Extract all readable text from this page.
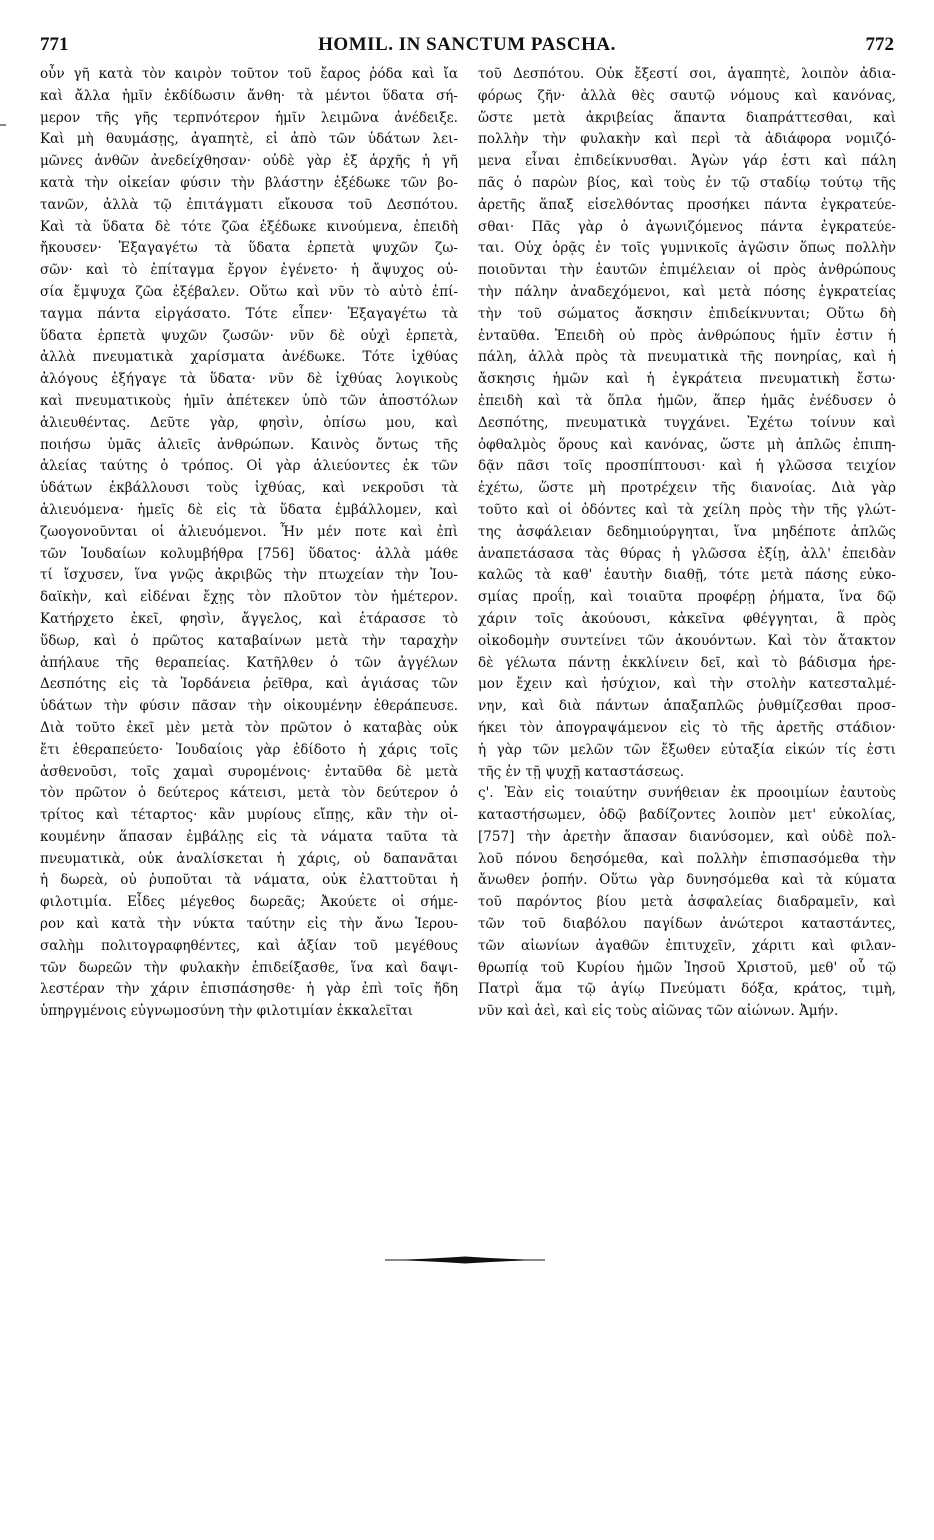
771	HOMIL. IN SANCTUM PASCHA.	772
οὖν γῆ κατὰ τὸν καιρὸν τοῦτον τοῦ ἔαρος ῥόδα καὶ ἴα
καὶ ἄλλα ἡμῖν ἐκδίδωσιν ἄνθη· τὰ μέντοι ὕδατα σή-
μερον τῆς γῆς τερπνότερον ἡμῖν λειμῶνα ἀνέδειξε.
Καὶ μὴ θαυμάσῃς, ἀγαπητὲ, εἰ ἀπὸ τῶν ὑδάτων λει-
μῶνες ἀνθῶν ἀνεδείχθησαν· οὐδὲ γὰρ ἐξ ἀρχῆς ἡ γῆ
κατὰ τὴν οἰκείαν φύσιν τὴν βλάστην ἐξέδωκε τῶν βο-
τανῶν, ἀλλὰ τῷ ἐπιτάγματι εἴκουσα τοῦ Δεσπότου.
Καὶ τὰ ὕδατα δὲ τότε ζῶα ἐξέδωκε κινούμενα, ἐπειδὴ
ἤκουσεν· Ἐξαγαγέτω τὰ ὕδατα ἑρπετὰ ψυχῶν ζω-
σῶν· καὶ τὸ ἐπίταγμα ἔργον ἐγένετο· ἡ ἄψυχος οὐ-
σία ἔμψυχα ζῶα ἐξέβαλεν. Οὕτω καὶ νῦν τὸ αὐτὸ ἐπί-
ταγμα πάντα εἰργάσατο. Τότε εἶπεν· Ἐξαγαγέτω τὰ
ὕδατα ἑρπετὰ ψυχῶν ζωσῶν· νῦν δὲ οὐχὶ ἑρπετὰ,
ἀλλὰ πνευματικὰ χαρίσματα ἀνέδωκε. Τότε ἰχθύας
ἀλόγους ἐξήγαγε τὰ ὕδατα· νῦν δὲ ἰχθύας λογικοὺς
καὶ πνευματικοὺς ἡμῖν ἀπέτεκεν ὑπὸ τῶν ἀποστόλων
ἁλιευθέντας. Δεῦτε γὰρ, φησὶν, ὀπίσω μου, καὶ
ποιήσω ὑμᾶς ἁλιεῖς ἀνθρώπων. Καινὸς ὄντως τῆς
ἁλείας ταύτης ὁ τρόπος. Οἱ γὰρ ἁλιεύοντες ἐκ τῶν
ὑδάτων ἐκβάλλουσι τοὺς ἰχθύας, καὶ νεκροῦσι τὰ
ἁλιευόμενα· ἡμεῖς δὲ εἰς τὰ ὕδατα ἐμβάλλομεν, καὶ
ζωογονοῦνται οἱ ἁλιευόμενοι. Ἦν μέν ποτε καὶ ἐπὶ
τῶν Ἰουδαίων κολυμβήθρα [756] ὕδατος· ἀλλὰ μάθε
τί ἴσχυσεν, ἵνα γνῷς ἀκριβῶς τὴν πτωχείαν τὴν Ἰου-
δαϊκὴν, καὶ εἰδέναι ἔχῃς τὸν πλοῦτον τὸν ἡμέτερον.
Κατήρχετο ἐκεῖ, φησὶν, ἄγγελος, καὶ ἐτάρασσε τὸ
ὕδωρ, καὶ ὁ πρῶτος καταβαίνων μετὰ τὴν ταραχὴν
ἀπήλαυε τῆς θεραπείας. Κατῆλθεν ὁ τῶν ἀγγέλων
Δεσπότης εἰς τὰ Ἰορδάνεια ῥεῖθρα, καὶ ἁγιάσας τῶν
ὑδάτων τὴν φύσιν πᾶσαν τὴν οἰκουμένην ἐθεράπευσε.
Διὰ τοῦτο ἐκεῖ μὲν μετὰ τὸν πρῶτον ὁ καταβὰς οὐκ
ἔτι ἐθεραπεύετο· Ἰουδαίοις γὰρ ἐδίδοτο ἡ χάρις τοῖς
ἀσθενοῦσι, τοῖς χαμαὶ συρομένοις· ἐνταῦθα δὲ μετὰ
τὸν πρῶτον ὁ δεύτερος κάτεισι, μετὰ τὸν δεύτερον ὁ
τρίτος καὶ τέταρτος· κἂν μυρίους εἴπῃς, κἂν τὴν οἰ-
κουμένην ἅπασαν ἐμβάλῃς εἰς τὰ νάματα ταῦτα τὰ
πνευματικὰ, οὐκ ἀναλίσκεται ἡ χάρις, οὐ δαπανᾶται
ἡ δωρεὰ, οὐ ῥυποῦται τὰ νάματα, οὐκ ἐλαττοῦται ἡ
φιλοτιμία. Εἶδες μέγεθος δωρεᾶς; Ἀκούετε οἱ σήμε-
ρον καὶ κατὰ τὴν νύκτα ταύτην εἰς τὴν ἄνω Ἱερου-
σαλὴμ πολιτογραφηθέντες, καὶ ἀξίαν τοῦ μεγέθους
τῶν δωρεῶν τὴν φυλακὴν ἐπιδείξασθε, ἵνα καὶ δαψι-
λεστέραν τὴν χάριν ἐπισπάσησθε· ἡ γὰρ ἐπὶ τοῖς ἤδη
ὑπηργμένοις εὐγνωμοσύνη τὴν φιλοτιμίαν ἐκκαλεῖται
τοῦ Δεσπότου. Οὐκ ἔξεστί σοι, ἀγαπητὲ, λοιπὸν ἀδια-
φόρως ζῆν· ἀλλὰ θὲς σαυτῷ νόμους καὶ κανόνας,
ὥστε μετὰ ἀκριβείας ἅπαντα διαπράττεσθαι, καὶ
πολλὴν τὴν φυλακὴν καὶ περὶ τὰ ἀδιάφορα νομιζό-
μενα εἶναι ἐπιδείκνυσθαι. Ἀγὼν γάρ ἐστι καὶ πάλη
πᾶς ὁ παρὼν βίος, καὶ τοὺς ἐν τῷ σταδίῳ τούτῳ τῆς
ἀρετῆς ἅπαξ εἰσελθόντας προσήκει πάντα ἐγκρατεύε-
σθαι· Πᾶς γὰρ ὁ ἀγωνιζόμενος πάντα ἐγκρατεύε-
ται. Οὐχ ὁρᾷς ἐν τοῖς γυμνικοῖς ἀγῶσιν ὅπως πολλὴν
ποιοῦνται τὴν ἑαυτῶν ἐπιμέλειαν οἱ πρὸς ἀνθρώπους
τὴν πάλην ἀναδεχόμενοι, καὶ μετὰ πόσης ἐγκρατείας
τὴν τοῦ σώματος ἄσκησιν ἐπιδείκνυνται; Οὕτω δὴ
ἐνταῦθα. Ἐπειδὴ οὐ πρὸς ἀνθρώπους ἡμῖν ἐστιν ἡ
πάλη, ἀλλὰ πρὸς τὰ πνευματικὰ τῆς πονηρίας, καὶ ἡ
ἄσκησις ἡμῶν καὶ ἡ ἐγκράτεια πνευματικὴ ἔστω·
ἐπειδὴ καὶ τὰ ὅπλα ἡμῶν, ἅπερ ἡμᾶς ἐνέδυσεν ὁ
Δεσπότης, πνευματικὰ τυγχάνει. Ἐχέτω τοίνυν καὶ
ὀφθαλμὸς ὅρους καὶ κανόνας, ὥστε μὴ ἁπλῶς ἐπιπη-
δᾷν πᾶσι τοῖς προσπίπτουσι· καὶ ἡ γλῶσσα τειχίον
ἐχέτω, ὥστε μὴ προτρέχειν τῆς διανοίας. Διὰ γὰρ
τοῦτο καὶ οἱ ὀδόντες καὶ τὰ χείλη πρὸς τὴν τῆς γλώτ-
της ἀσφάλειαν δεδημιούργηται, ἵνα μηδέποτε ἁπλῶς
ἀναπετάσασα τὰς θύρας ἡ γλῶσσα ἐξίῃ, ἀλλ' ἐπειδὰν
καλῶς τὰ καθ' ἑαυτὴν διαθῇ, τότε μετὰ πάσης εὐκο-
σμίας προΐῃ, καὶ τοιαῦτα προφέρῃ ῥήματα, ἵνα δῷ
χάριν τοῖς ἀκούουσι, κἀκεῖνα φθέγγηται, ἃ πρὸς
οἰκοδομὴν συντείνει τῶν ἀκουόντων. Καὶ τὸν ἄτακτον
δὲ γέλωτα πάντῃ ἐκκλίνειν δεῖ, καὶ τὸ βάδισμα ἠρε-
μον ἔχειν καὶ ἡσύχιον, καὶ τὴν στολὴν κατεσταλμέ-
νην, καὶ διὰ πάντων ἁπαξαπλῶς ῥυθμίζεσθαι προσ-
ήκει τὸν ἀπογραψάμενον εἰς τὸ τῆς ἀρετῆς στάδιον·
ἡ γὰρ τῶν μελῶν τῶν ἔξωθεν εὐταξία εἰκών τίς ἐστι
τῆς ἐν τῇ ψυχῇ καταστάσεως.
ς'. Ἐὰν εἰς τοιαύτην συνήθειαν ἐκ προοιμίων ἑαυτοὺς
καταστήσωμεν, ὁδῷ βαδίζοντες λοιπὸν μετ' εὐκολίας,
[757] τὴν ἀρετὴν ἅπασαν διανύσομεν, καὶ οὐδὲ πολ-
λοῦ πόνου δεησόμεθα, καὶ πολλὴν ἐπισπασόμεθα τὴν
ἄνωθεν ῥοπήν. Οὕτω γὰρ δυνησόμεθα καὶ τὰ κύματα
τοῦ παρόντος βίου μετὰ ἀσφαλείας διαδραμεῖν, καὶ
τῶν τοῦ διαβόλου παγίδων ἀνώτεροι καταστάντες,
τῶν αἰωνίων ἀγαθῶν ἐπιτυχεῖν, χάριτι καὶ φιλαν-
θρωπίᾳ τοῦ Κυρίου ἡμῶν Ἰησοῦ Χριστοῦ, μεθ' οὗ τῷ
Πατρὶ ἅμα τῷ ἁγίῳ Πνεύματι δόξα, κράτος, τιμὴ,
νῦν καὶ ἀεὶ, καὶ εἰς τοὺς αἰῶνας τῶν αἰώνων. Ἀμήν.
